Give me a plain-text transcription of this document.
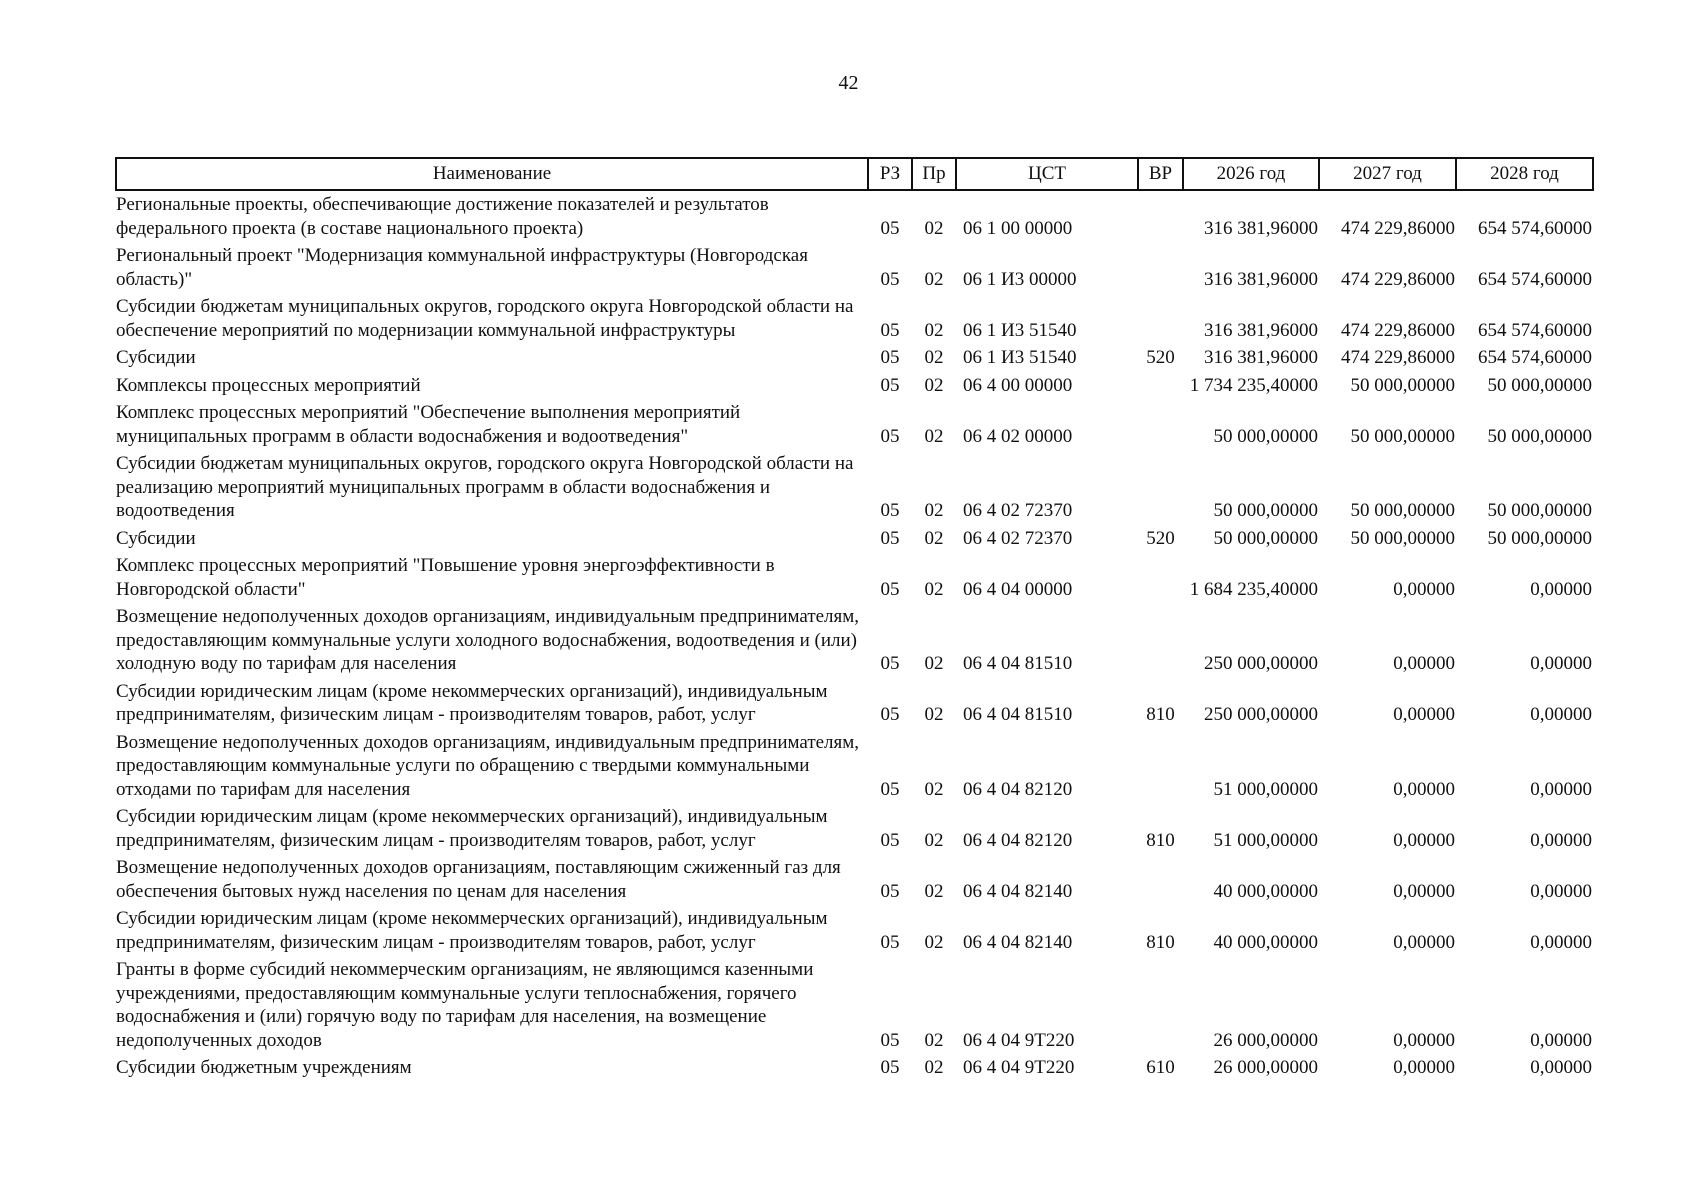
42
Наименование	РЗ	Пр	ЦСТ	ВР	2026 год	2027 год	2028 год
Региональные проекты, обеспечивающие достижение показателей и результатов федерального проекта (в составе национального проекта)	05	02	06 1 00 00000		316 381,96000	474 229,86000	654 574,60000
Региональный проект "Модернизация коммунальной инфраструктуры (Новгородская область)"	05	02	06 1 И3 00000		316 381,96000	474 229,86000	654 574,60000
Субсидии бюджетам муниципальных округов, городского округа Новгородской области на обеспечение мероприятий по модернизации коммунальной инфраструктуры	05	02	06 1 И3 51540		316 381,96000	474 229,86000	654 574,60000
Субсидии	05	02	06 1 И3 51540	520	316 381,96000	474 229,86000	654 574,60000
Комплексы процессных мероприятий	05	02	06 4 00 00000		1 734 235,40000	50 000,00000	50 000,00000
Комплекс процессных мероприятий "Обеспечение выполнения мероприятий муниципальных программ в области водоснабжения и водоотведения"	05	02	06 4 02 00000		50 000,00000	50 000,00000	50 000,00000
Субсидии бюджетам муниципальных округов, городского округа Новгородской области на реализацию мероприятий муниципальных программ в области водоснабжения и водоотведения	05	02	06 4 02 72370		50 000,00000	50 000,00000	50 000,00000
Субсидии	05	02	06 4 02 72370	520	50 000,00000	50 000,00000	50 000,00000
Комплекс процессных мероприятий "Повышение уровня энергоэффективности в Новгородской области"	05	02	06 4 04 00000		1 684 235,40000	0,00000	0,00000
Возмещение недополученных доходов организациям, индивидуальным предпринимателям, предоставляющим коммунальные услуги холодного водоснабжения, водоотведения и (или) холодную воду по тарифам для населения	05	02	06 4 04 81510		250 000,00000	0,00000	0,00000
Субсидии юридическим лицам (кроме некоммерческих организаций), индивидуальным предпринимателям, физическим лицам - производителям товаров, работ, услуг	05	02	06 4 04 81510	810	250 000,00000	0,00000	0,00000
Возмещение недополученных доходов организациям, индивидуальным предпринимателям, предоставляющим коммунальные услуги по обращению с твердыми коммунальными отходами по тарифам для населения	05	02	06 4 04 82120		51 000,00000	0,00000	0,00000
Субсидии юридическим лицам (кроме некоммерческих организаций), индивидуальным предпринимателям, физическим лицам - производителям товаров, работ, услуг	05	02	06 4 04 82120	810	51 000,00000	0,00000	0,00000
Возмещение недополученных доходов организациям, поставляющим сжиженный газ для обеспечения бытовых нужд населения по ценам для населения	05	02	06 4 04 82140		40 000,00000	0,00000	0,00000
Субсидии юридическим лицам (кроме некоммерческих организаций), индивидуальным предпринимателям, физическим лицам - производителям товаров, работ, услуг	05	02	06 4 04 82140	810	40 000,00000	0,00000	0,00000
Гранты в форме субсидий некоммерческим организациям, не являющимся казенными учреждениями, предоставляющим коммунальные услуги теплоснабжения, горячего водоснабжения и (или) горячую воду по тарифам для населения, на возмещение недополученных доходов	05	02	06 4 04 9Т220		26 000,00000	0,00000	0,00000
Субсидии бюджетным учреждениям	05	02	06 4 04 9Т220	610	26 000,00000	0,00000	0,00000
